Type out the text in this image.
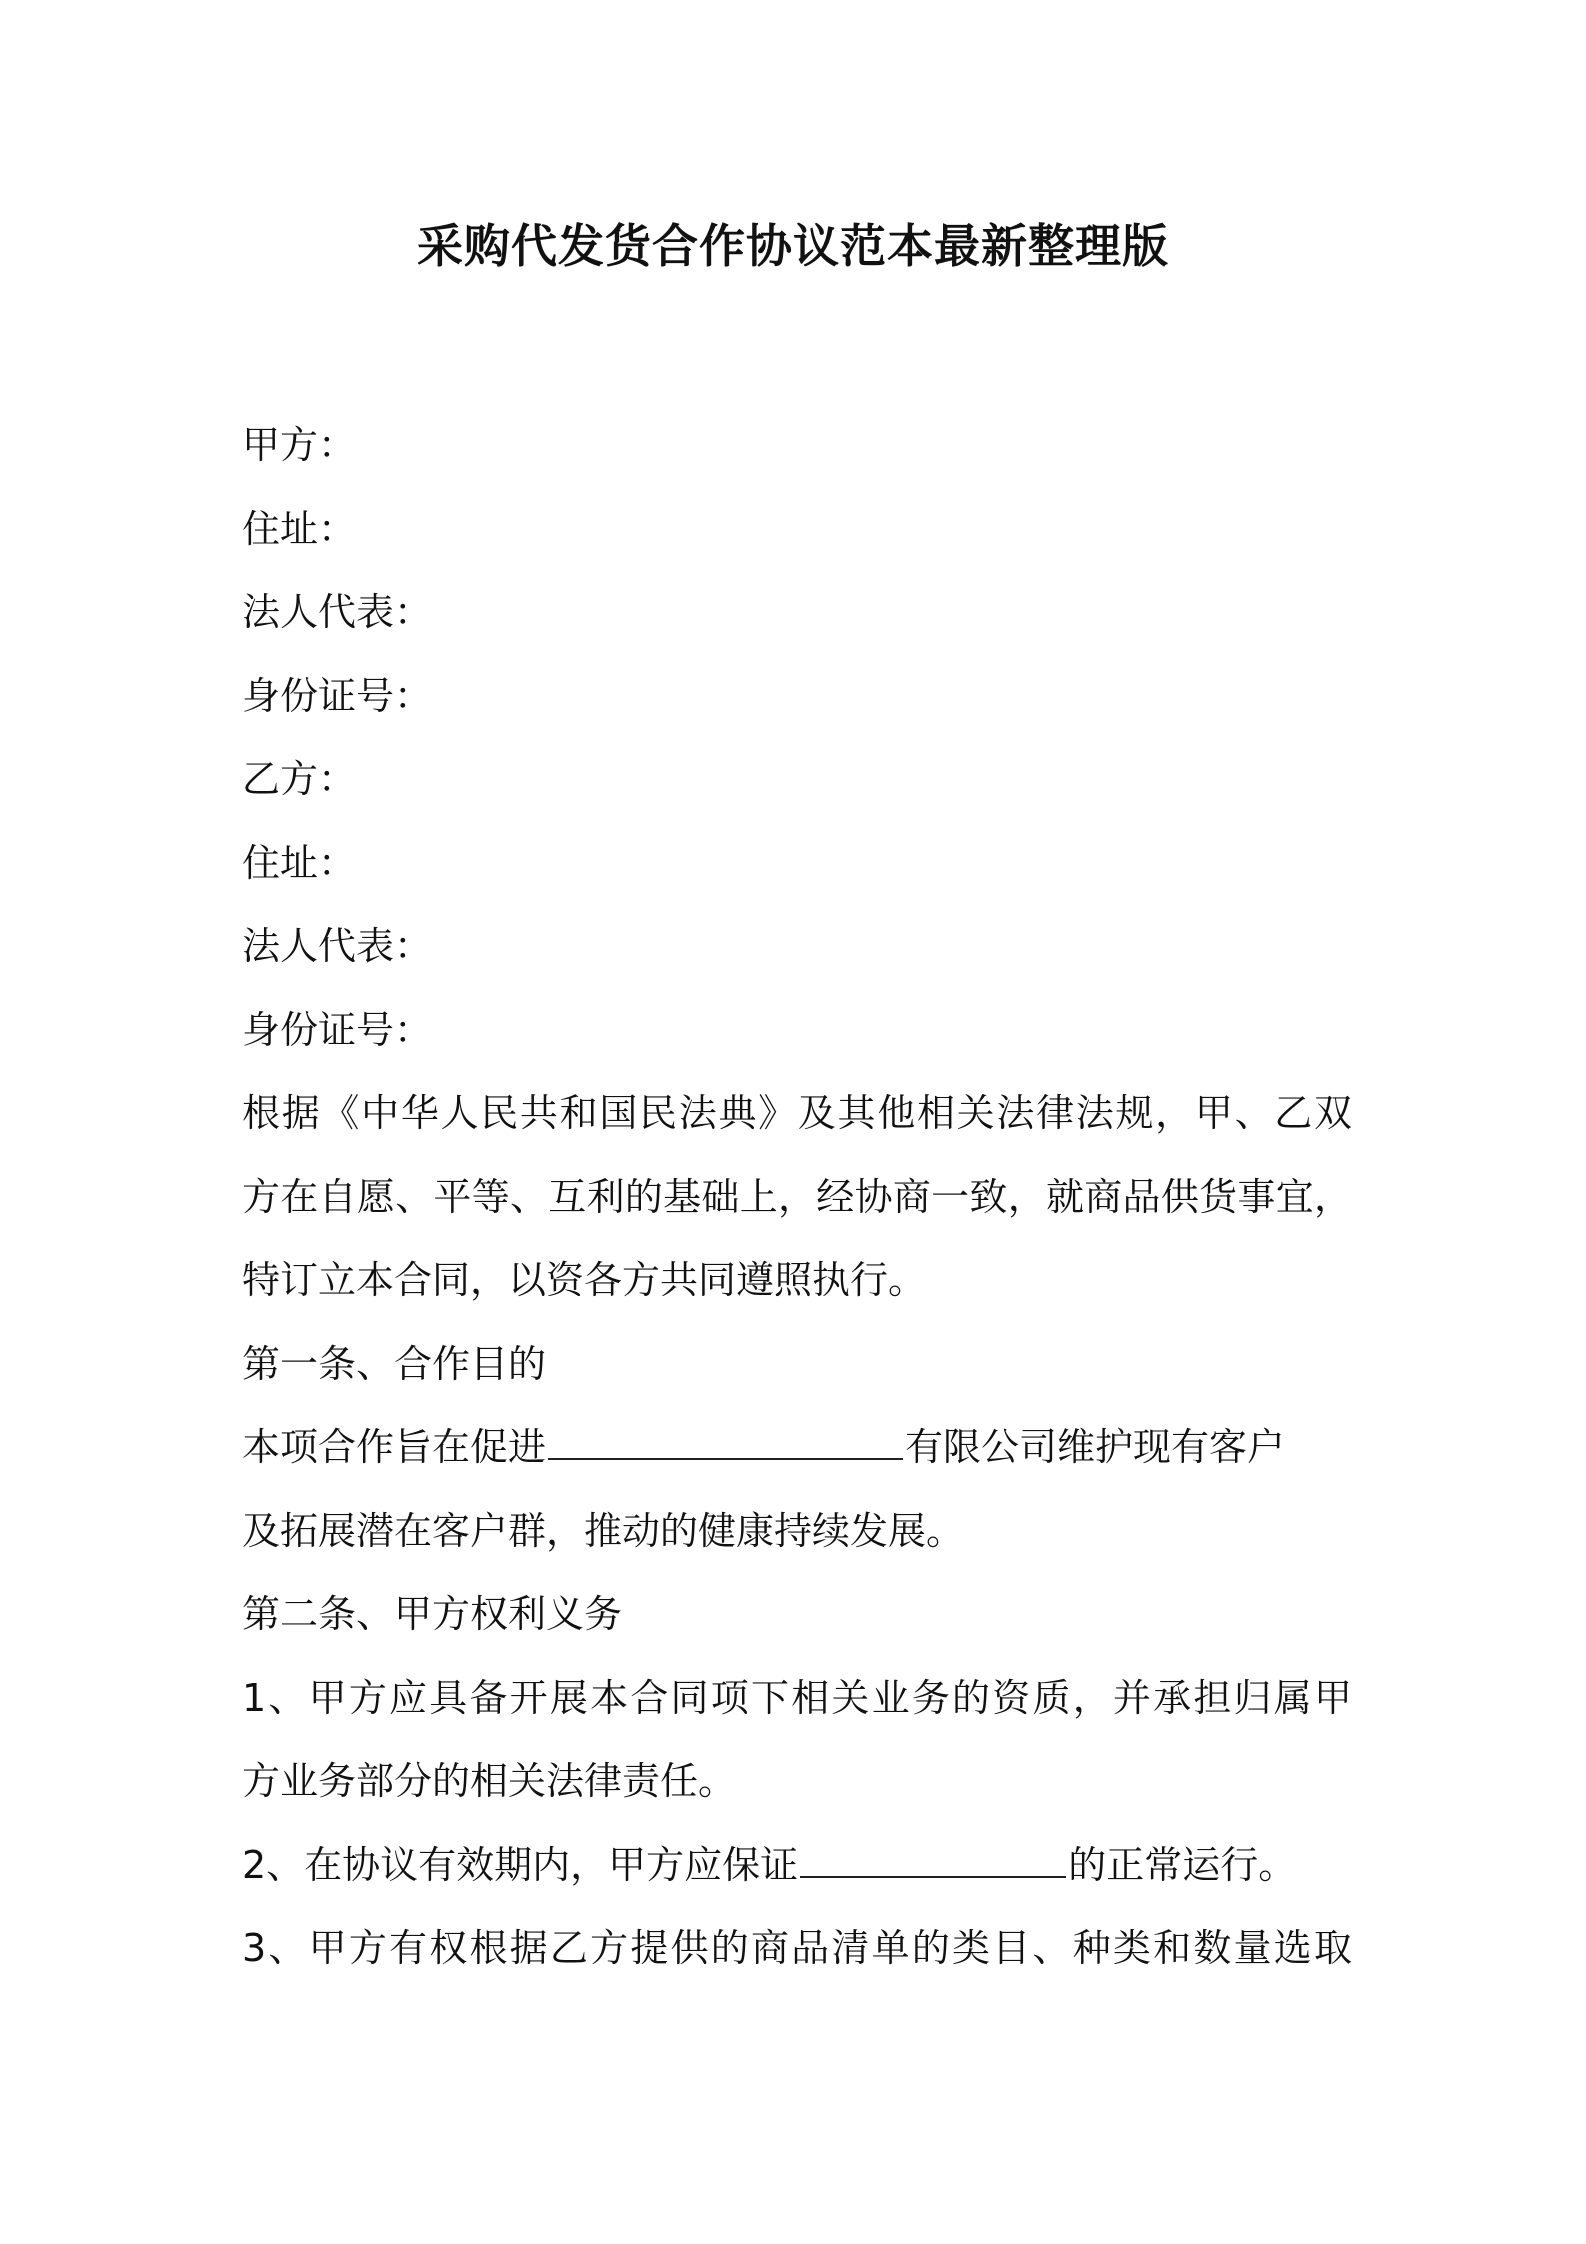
采购代发货合作协议范本最新整理版
甲方：
住址：
法人代表：
身份证号：
乙方：
住址：
法人代表：
身份证号：
根据《中华人民共和国民法典》及其他相关法律法规，甲、乙双
方在自愿、平等、互利的基础上，经协商一致，就商品供货事宜，
特订立本合同，以资各方共同遵照执行。
第一条、合作目的
本项合作旨在促进	有限公司维护现有客户
及拓展潜在客户群，推动的健康持续发展。
第二条、甲方权利义务
1、甲方应具备开展本合同项下相关业务的资质，并承担归属甲
方业务部分的相关法律责任。
2、在协议有效期内，甲方应保证	的正常运行。
3、甲方有权根据乙方提供的商品清单的类目、种类和数量选取
